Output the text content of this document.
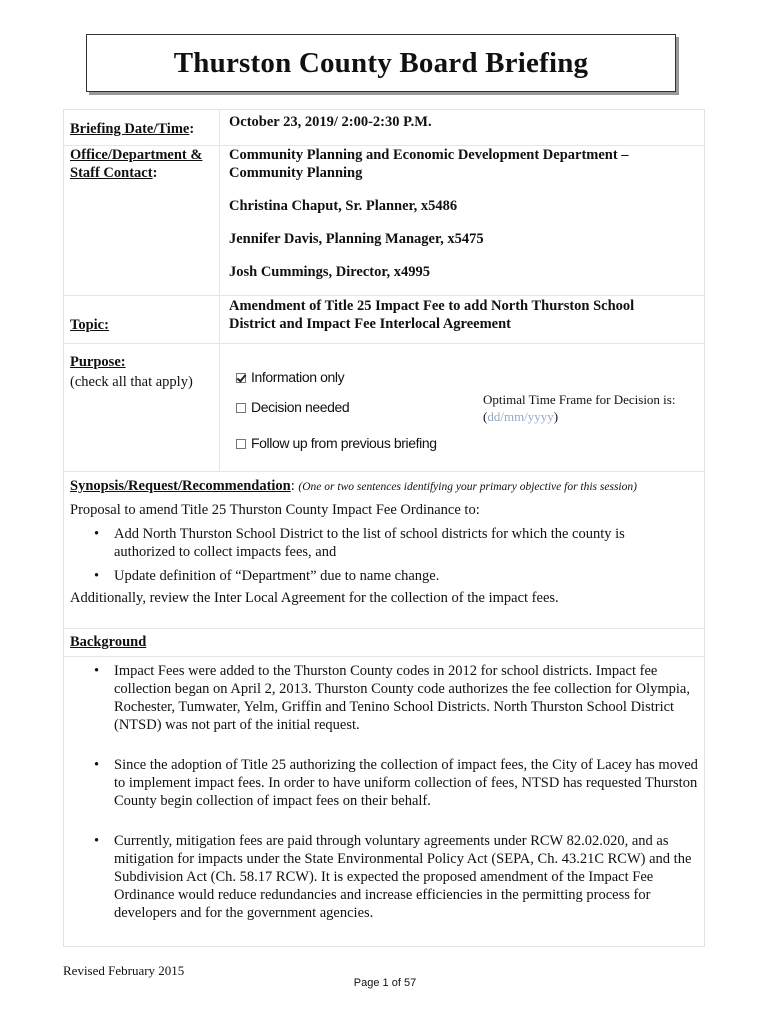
Thurston County Board Briefing
Briefing Date/Time: October 23, 2019/ 2:00-2:30 P.M.
Office/Department &
Staff Contact:
Community Planning and Economic Development Department –
Community Planning
Christina Chaput, Sr. Planner, x5486
Jennifer Davis, Planning Manager, x5475
Josh Cummings, Director, x4995
Topic:
Amendment of Title 25 Impact Fee to add North Thurston School
District and Impact Fee Interlocal Agreement
Purpose:
(check all that apply)	Information only
Decision needed
Follow up from previous briefing
Optimal Time Frame for Decision is:
(dd/mm/yyyy)
Synopsis/Request/Recommendation: (One or two sentences identifying your primary objective for this session)
Proposal to amend Title 25 Thurston County Impact Fee Ordinance to:
• Add North Thurston School District to the list of school districts for which the county is authorized to collect impacts fees, and
• Update definition of “Department” due to name change.
Additionally, review the Inter Local Agreement for the collection of the impact fees.
Background
• Impact Fees were added to the Thurston County codes in 2012 for school districts. Impact fee collection began on April 2, 2013. Thurston County code authorizes the fee collection for Olympia, Rochester, Tumwater, Yelm, Griffin and Tenino School Districts. North Thurston School District (NTSD) was not part of the initial request.
• Since the adoption of Title 25 authorizing the collection of impact fees, the City of Lacey has moved to implement impact fees. In order to have uniform collection of fees, NTSD has requested Thurston County begin collection of impact fees on their behalf.
• Currently, mitigation fees are paid through voluntary agreements under RCW 82.02.020, and as mitigation for impacts under the State Environmental Policy Act (SEPA, Ch. 43.21C RCW) and the Subdivision Act (Ch. 58.17 RCW). It is expected the proposed amendment of the Impact Fee Ordinance would reduce redundancies and increase efficiencies in the permitting process for developers and for the government agencies.
Revised February 2015
Page 1 of 57
